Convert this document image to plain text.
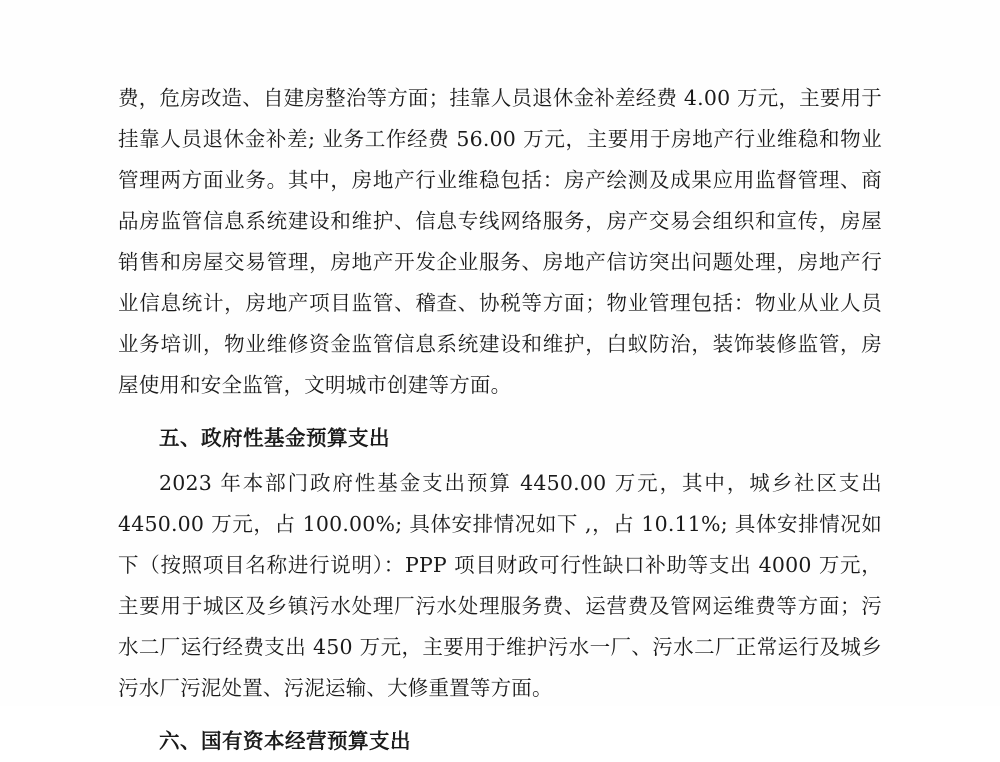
费，危房改造、自建房整治等方面；挂靠人员退休金补差经费 4.00 万元，主要用于挂靠人员退休金补差; 业务工作经费 56.00 万元，主要用于房地产行业维稳和物业管理两方面业务。其中，房地产行业维稳包括：房产绘测及成果应用监督管理、商品房监管信息系统建设和维护、信息专线网络服务，房产交易会组织和宣传，房屋销售和房屋交易管理，房地产开发企业服务、房地产信访突出问题处理，房地产行业信息统计，房地产项目监管、稽查、协税等方面；物业管理包括：物业从业人员业务培训，物业维修资金监管信息系统建设和维护，白蚁防治，装饰装修监管，房屋使用和安全监管，文明城市创建等方面。

五、政府性基金预算支出

2023 年本部门政府性基金支出预算 4450.00 万元，其中，城乡社区支出 4450.00 万元，占 100.00%; 具体安排情况如下 ,，占 10.11%; 具体安排情况如下（按照项目名称进行说明）：PPP 项目财政可行性缺口补助等支出 4000 万元，主要用于城区及乡镇污水处理厂污水处理服务费、运营费及管网运维费等方面；污水二厂运行经费支出 450 万元，主要用于维护污水一厂、污水二厂正常运行及城乡污水厂污泥处置、污泥运输、大修重置等方面。

六、国有资本经营预算支出
